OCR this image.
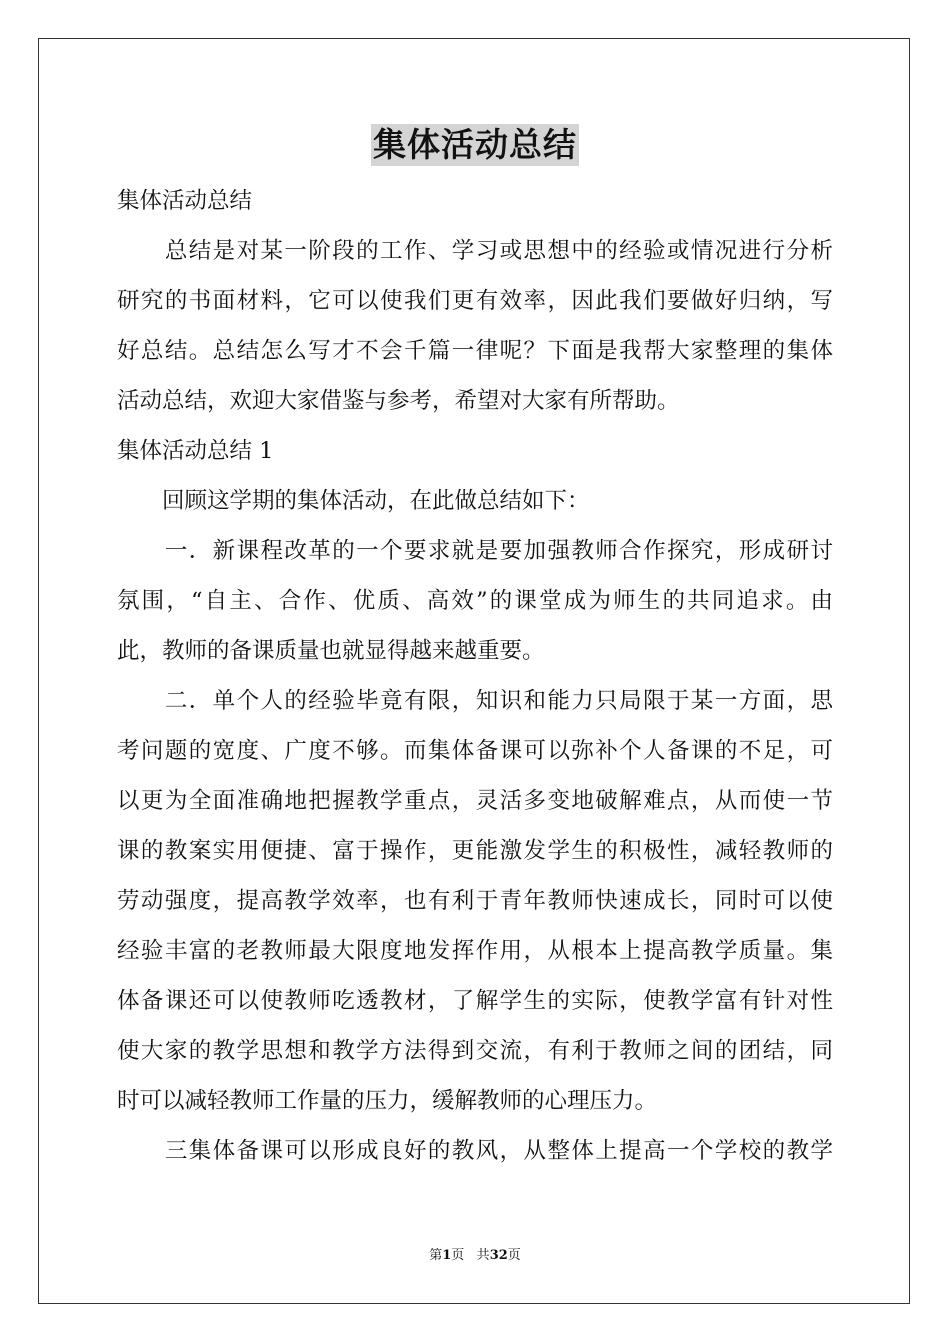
集体活动总结
集体活动总结
　　总结是对某一阶段的工作、学习或思想中的经验或情况进行分析
研究的书面材料，它可以使我们更有效率，因此我们要做好归纳，写
好总结。总结怎么写才不会千篇一律呢？下面是我帮大家整理的集体
活动总结，欢迎大家借鉴与参考，希望对大家有所帮助。
集体活动总结 1
　　回顾这学期的集体活动，在此做总结如下：
　　一．新课程改革的一个要求就是要加强教师合作探究，形成研讨
氛围，“自主、合作、优质、高效”的课堂成为师生的共同追求。由
此，教师的备课质量也就显得越来越重要。
　　二．单个人的经验毕竟有限，知识和能力只局限于某一方面，思
考问题的宽度、广度不够。而集体备课可以弥补个人备课的不足，可
以更为全面准确地把握教学重点，灵活多变地破解难点，从而使一节
课的教案实用便捷、富于操作，更能激发学生的积极性，减轻教师的
劳动强度，提高教学效率，也有利于青年教师快速成长，同时可以使
经验丰富的老教师最大限度地发挥作用，从根本上提高教学质量。集
体备课还可以使教师吃透教材，了解学生的实际，使教学富有针对性
使大家的教学思想和教学方法得到交流，有利于教师之间的团结，同
时可以减轻教师工作量的压力，缓解教师的心理压力。
　　三集体备课可以形成良好的教风，从整体上提高一个学校的教学
第1页 共32页
